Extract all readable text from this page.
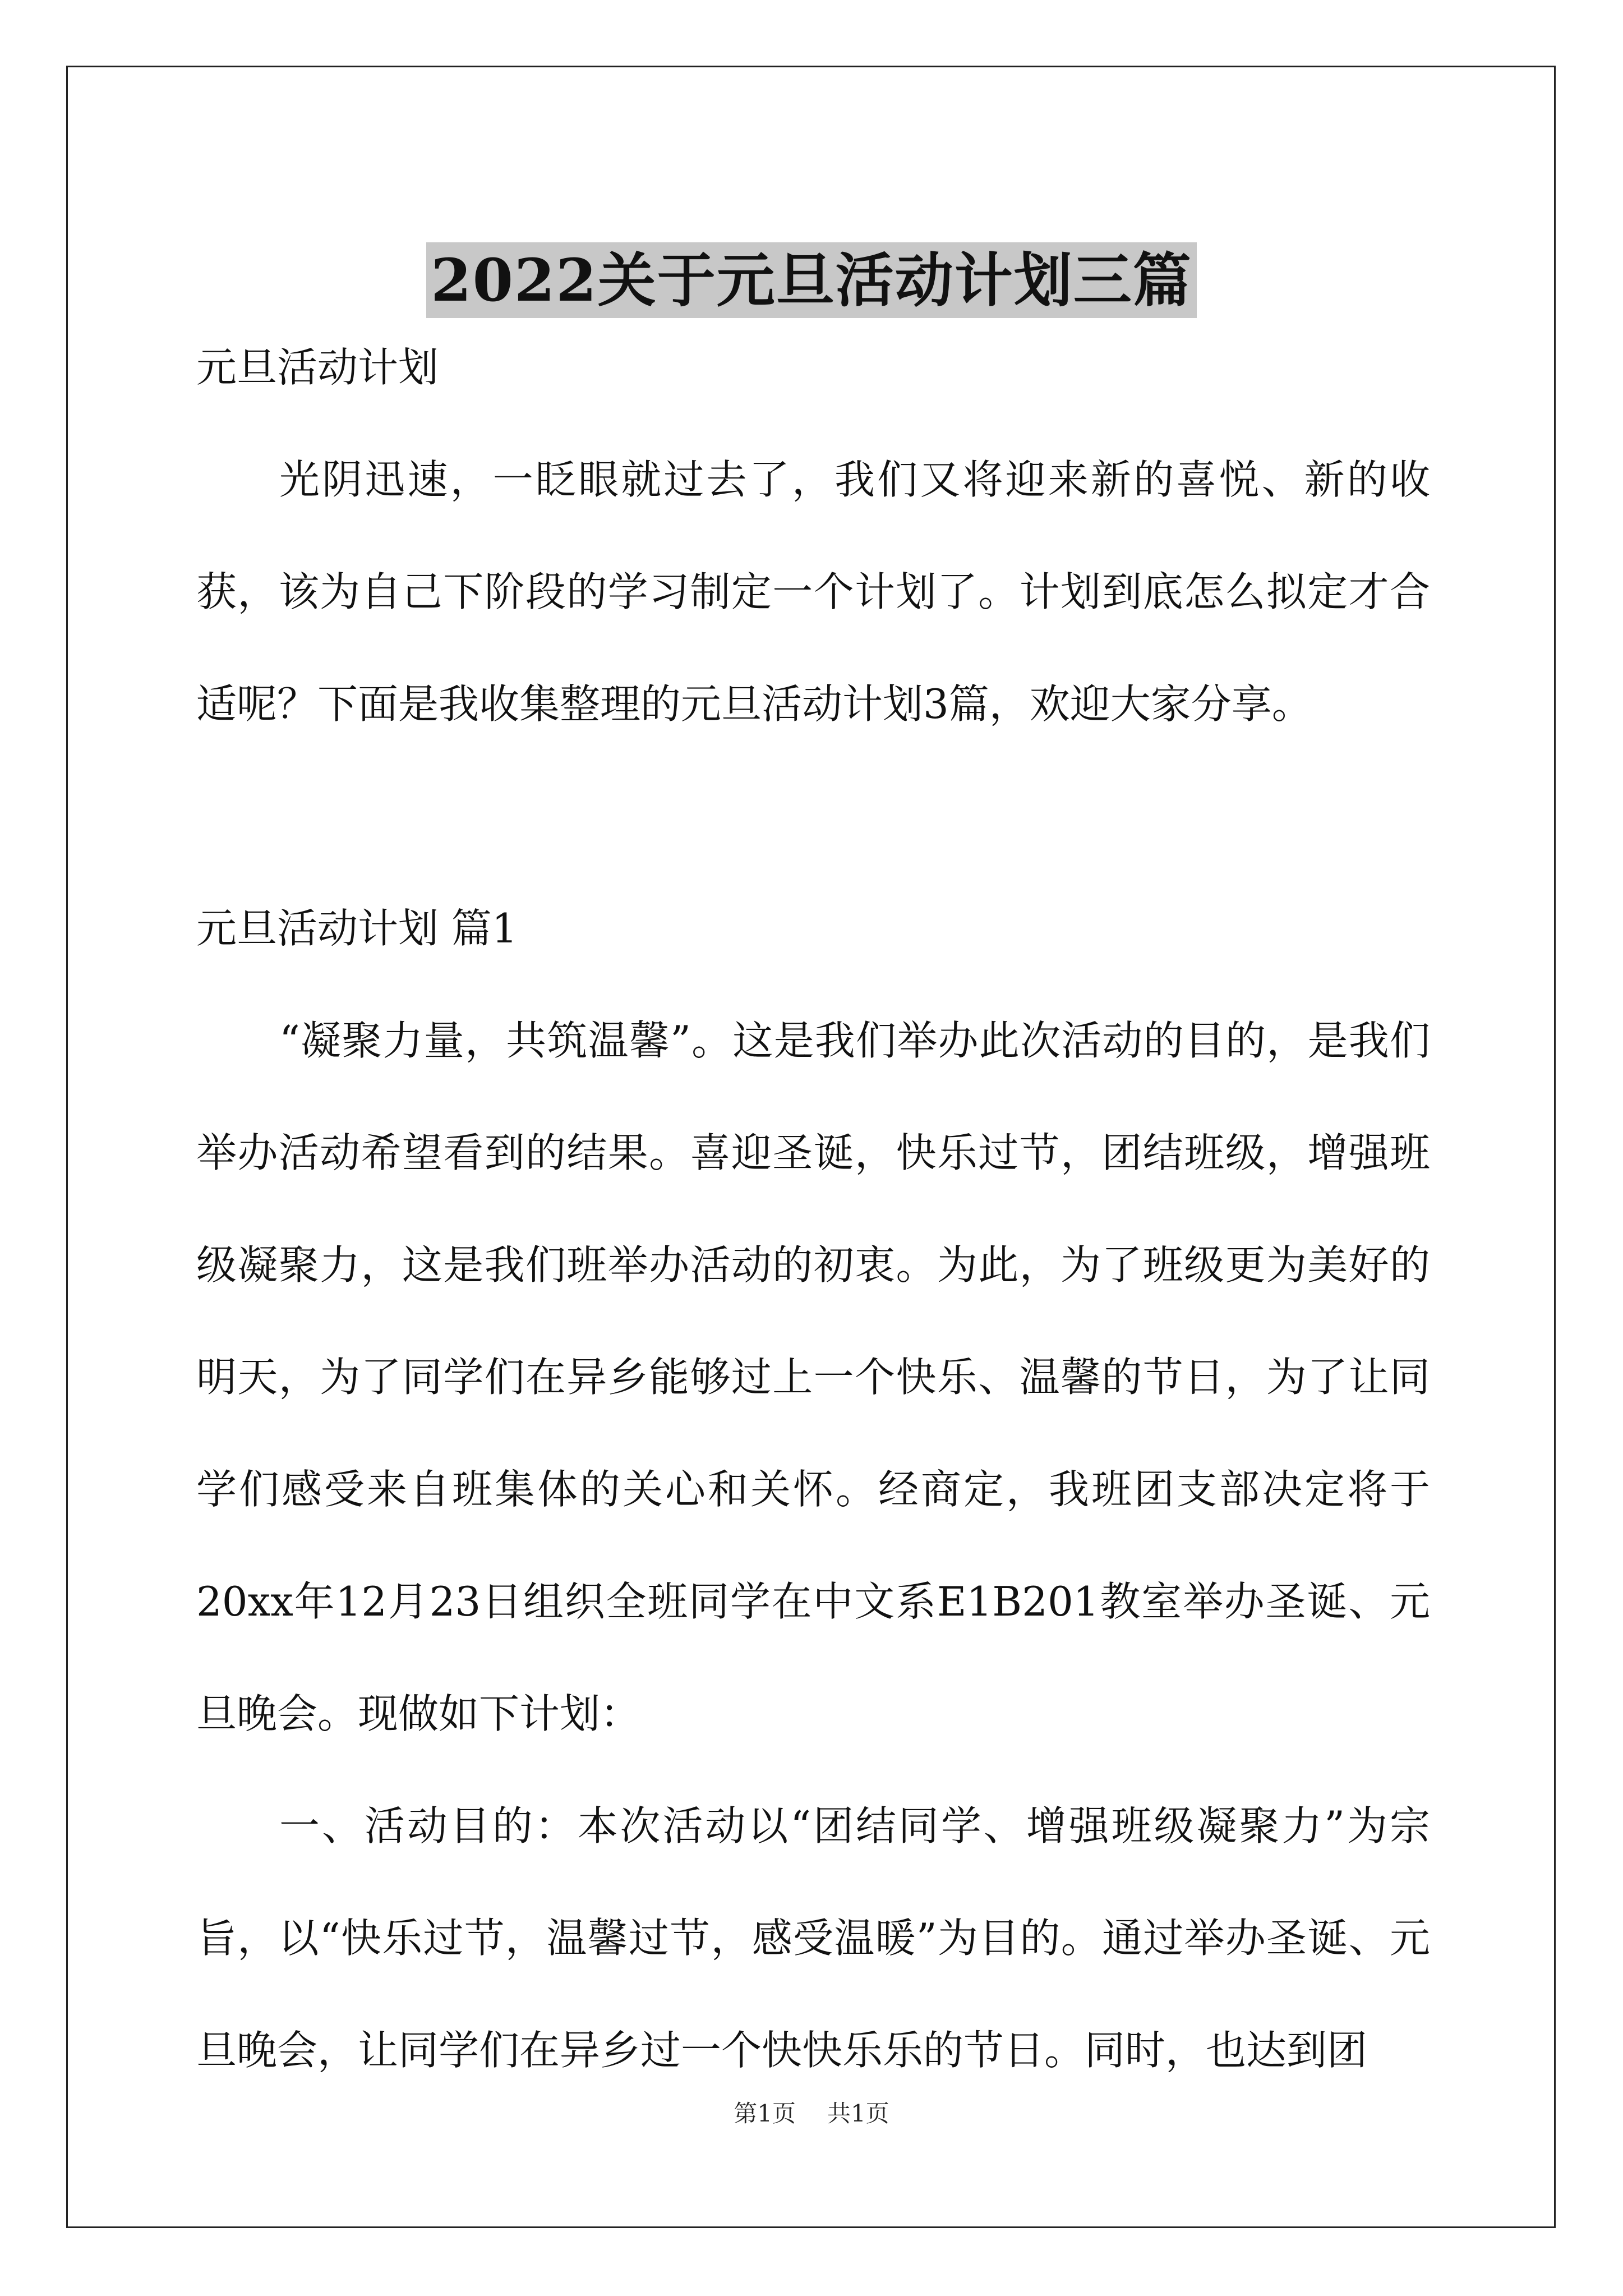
2022关于元旦活动计划三篇

元旦活动计划

光阴迅速，一眨眼就过去了，我们又将迎来新的喜悦、新的收获，该为自己下阶段的学习制定一个计划了。计划到底怎么拟定才合适呢？下面是我收集整理的元旦活动计划3篇，欢迎大家分享。

元旦活动计划 篇1

“凝聚力量，共筑温馨”。这是我们举办此次活动的目的，是我们举办活动希望看到的结果。喜迎圣诞，快乐过节，团结班级，增强班级凝聚力，这是我们班举办活动的初衷。为此，为了班级更为美好的明天，为了同学们在异乡能够过上一个快乐、温馨的节日，为了让同学们感受来自班集体的关心和关怀。经商定，我班团支部决定将于20xx年12月23日组织全班同学在中文系E1B201教室举办圣诞、元旦晚会。现做如下计划：

一、活动目的：本次活动以“团结同学、增强班级凝聚力”为宗旨，以“快乐过节，温馨过节，感受温暖”为目的。通过举办圣诞、元旦晚会，让同学们在异乡过一个快快乐乐的节日。同时，也达到团

第1页 共1页
